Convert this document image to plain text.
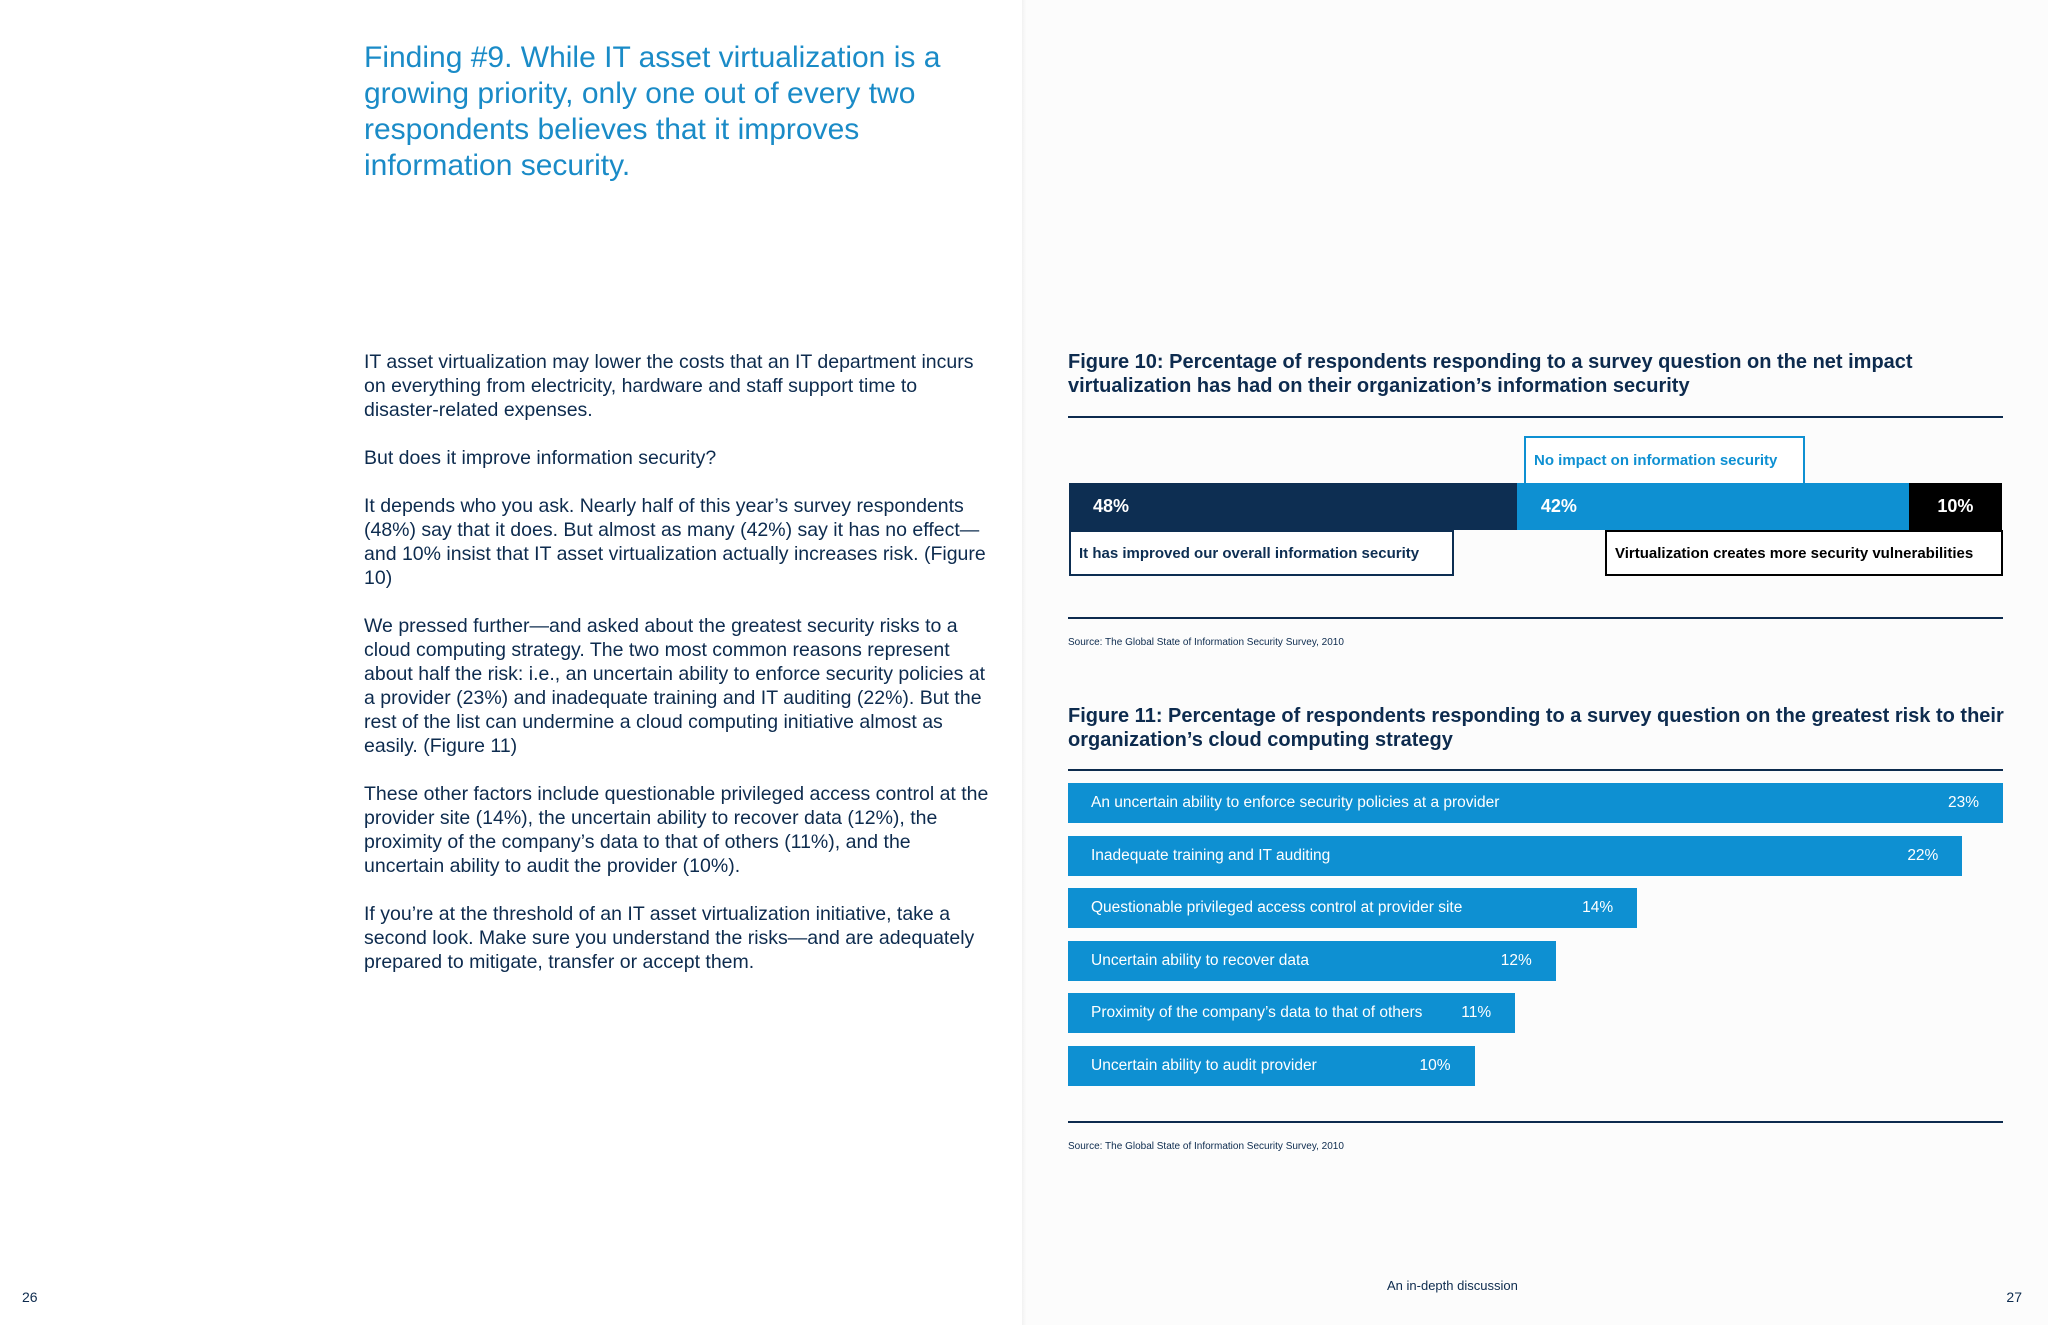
Finding #9. While IT asset virtualization is a growing priority, only one out of every two respondents believes that it improves information security.

IT asset virtualization may lower the costs that an IT department incurs on everything from electricity, hardware and staff support time to disaster-related expenses.

But does it improve information security?

It depends who you ask. Nearly half of this year’s survey respondents (48%) say that it does. But almost as many (42%) say it has no effect—and 10% insist that IT asset virtualization actually increases risk. (Figure 10)

We pressed further—and asked about the greatest security risks to a cloud computing strategy. The two most common reasons represent about half the risk: i.e., an uncertain ability to enforce security policies at a provider (23%) and inadequate training and IT auditing (22%). But the rest of the list can undermine a cloud computing initiative almost as easily. (Figure 11)

These other factors include questionable privileged access control at the provider site (14%), the uncertain ability to recover data (12%), the proximity of the company’s data to that of others (11%), and the uncertain ability to audit the provider (10%).

If you’re at the threshold of an IT asset virtualization initiative, take a second look. Make sure you understand the risks—and are adequately prepared to mitigate, transfer or accept them.

Figure 10: Percentage of respondents responding to a survey question on the net impact virtualization has had on their organization’s information security
48%	42%	10%
No impact on information security
It has improved our overall information security	Virtualization creates more security vulnerabilities
Source: The Global State of Information Security Survey, 2010
Figure 11: Percentage of respondents responding to a survey question on the greatest risk to their organization’s cloud computing strategy
An uncertain ability to enforce security policies at a provider	23%
Inadequate training and IT auditing	22%
Questionable privileged access control at provider site	14%
Uncertain ability to recover data	12%
Proximity of the company’s data to that of others	11%
Uncertain ability to audit provider	10%
Source: The Global State of Information Security Survey, 2010
26
An in-depth discussion
27
